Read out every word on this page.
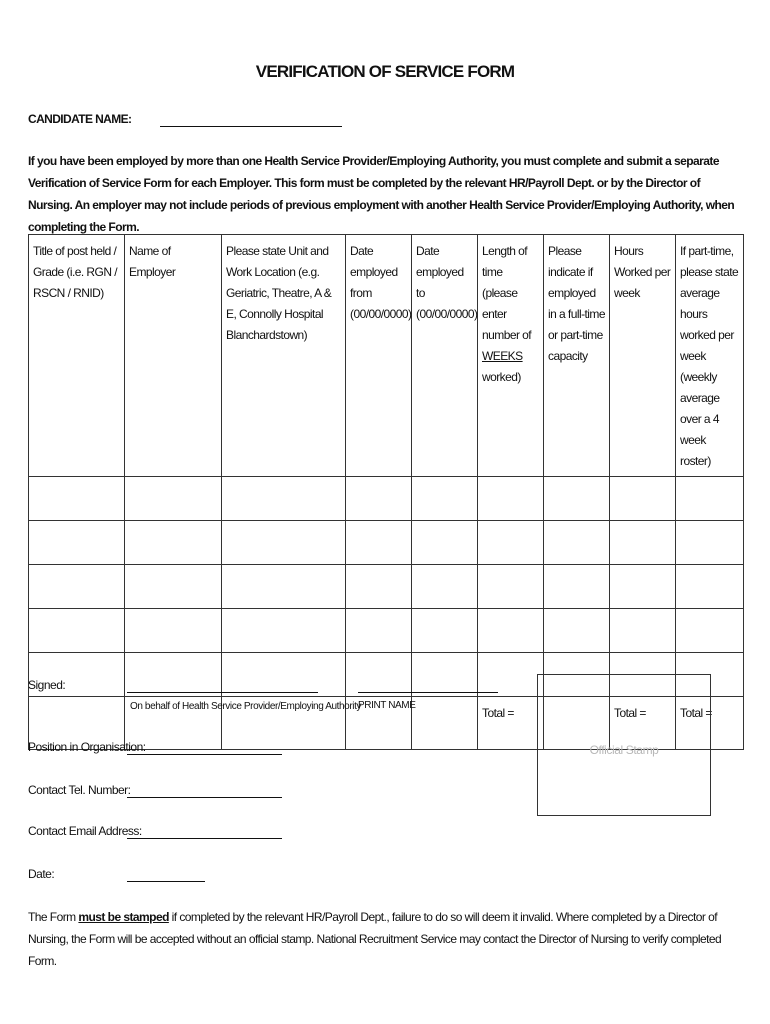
VERIFICATION OF SERVICE FORM
CANDIDATE NAME:
If you have been employed by more than one Health Service Provider/Employing Authority, you must complete and submit a separate Verification of Service Form for each Employer. This form must be completed by the relevant HR/Payroll Dept. or by the Director of Nursing. An employer may not include periods of previous employment with another Health Service Provider/Employing Authority, when completing the Form.
Title of post held / Grade (i.e. RGN / RSCN / RNID)	Name of Employer	Please state Unit and Work Location (e.g. Geriatric, Theatre, A & E, Connolly Hospital Blanchardstown)	Date employed from (00/00/0000)	Date employed to (00/00/0000)	Length of time (please enter number of WEEKS worked)	Please indicate if employed in a full-time or part-time capacity	Hours Worked per week	If part-time, please state average hours worked per week (weekly average over a 4 week roster)

					Total =		Total =	Total =
Signed:
On behalf of Health Service Provider/Employing Authority
PRINT NAME
Position in Organisation:
Contact Tel. Number:
Contact Email Address:
Date:
Official Stamp
The Form must be stamped if completed by the relevant HR/Payroll Dept., failure to do so will deem it invalid. Where completed by a Director of Nursing, the Form will be accepted without an official stamp. National Recruitment Service may contact the Director of Nursing to verify completed Form.
